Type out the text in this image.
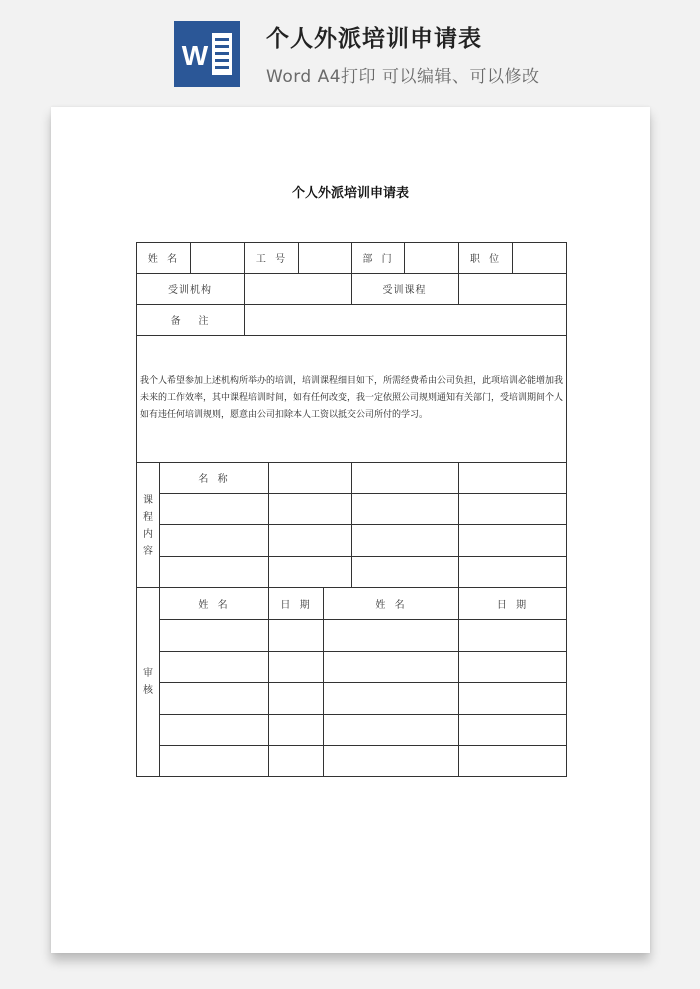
W
个人外派培训申请表
Word A4打印 可以编辑、可以修改
个人外派培训申请表
姓  名	工  号	部  门	职  位
受训机构	受训课程
备    注
我个人希望参加上述机构所举办的培训，培训课程细目如下，所需经费希由公司负担，此项培训必能增加我未来的工作效率，其中课程培训时间，如有任何改变，我一定依照公司规则通知有关部门，受培训期间个人如有违任何培训规则，愿意由公司扣除本人工资以抵交公司所付的学习。
课程内容
名  称
审核
姓  名	日  期	姓  名	日  期
